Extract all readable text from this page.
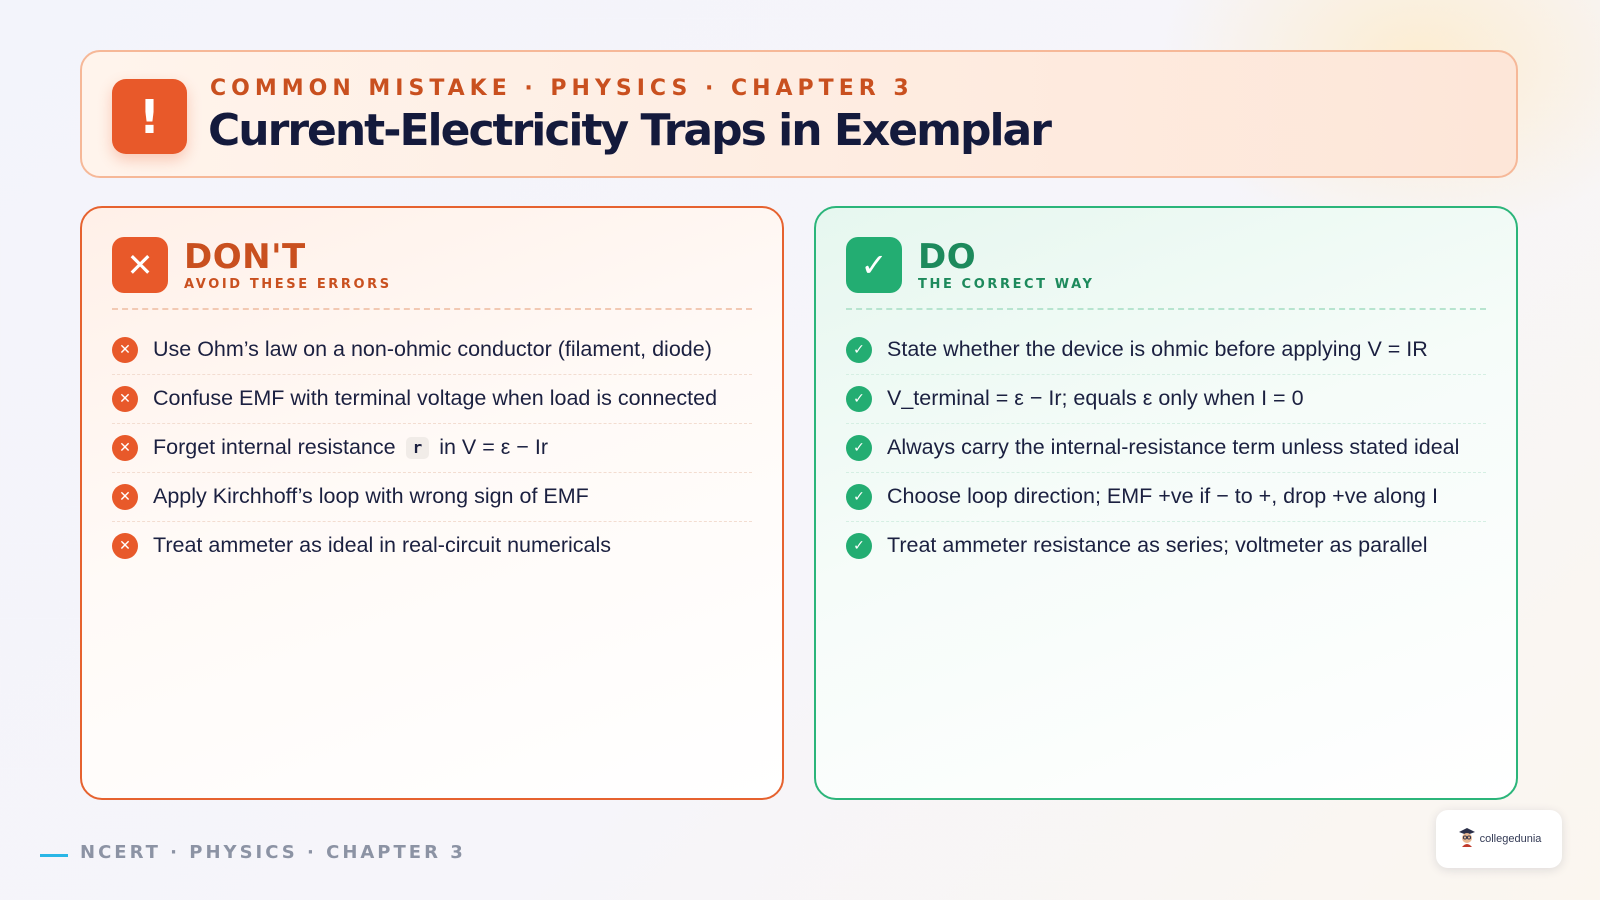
!
COMMON MISTAKE · PHYSICS · CHAPTER 3
Current-Electricity Traps in Exemplar
✕ DON'T
AVOID THESE ERRORS
✕	Use Ohm’s law on a non-ohmic conductor (filament, diode)
✕	Confuse EMF with terminal voltage when load is connected
✕	Forget internal resistance r in V = ε − Ir
✕	Apply Kirchhoff’s loop with wrong sign of EMF
✕	Treat ammeter as ideal in real-circuit numericals
✓ DO
THE CORRECT WAY
✓	State whether the device is ohmic before applying V = IR
✓	V_terminal = ε − Ir; equals ε only when I = 0
✓	Always carry the internal-resistance term unless stated ideal
✓	Choose loop direction; EMF +ve if − to +, drop +ve along I
✓	Treat ammeter resistance as series; voltmeter as parallel
NCERT · PHYSICS · CHAPTER 3
collegedunia
